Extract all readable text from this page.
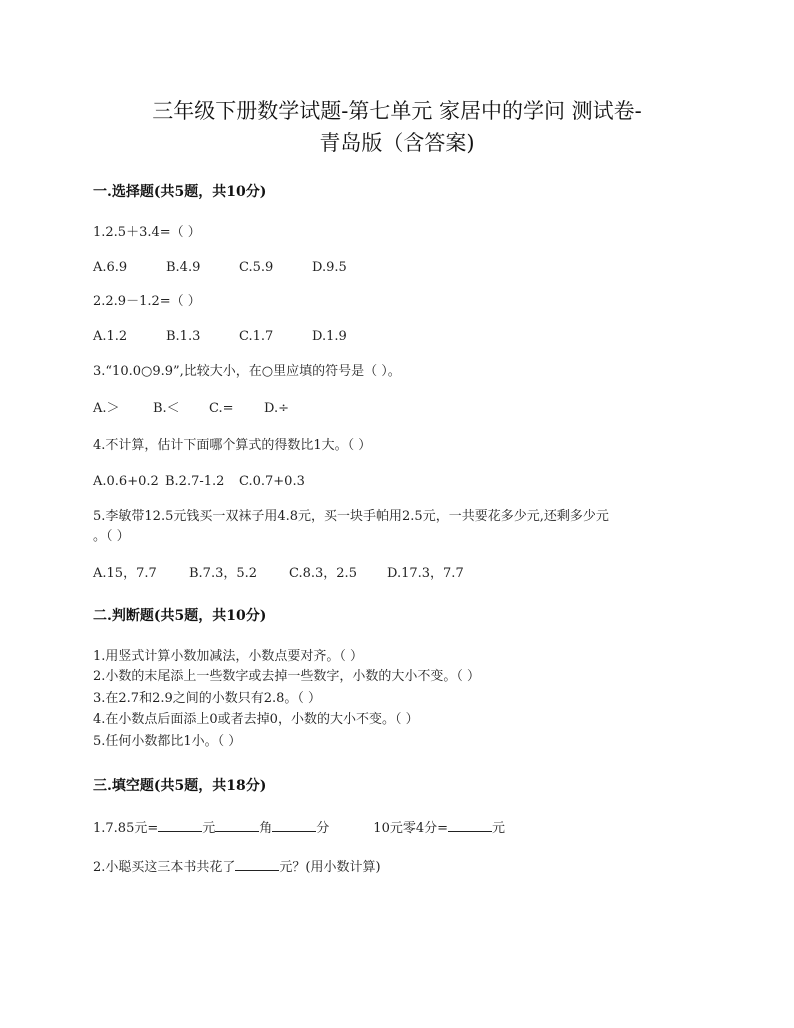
三年级下册数学试题-第七单元 家居中的学问 测试卷-
青岛版（含答案)
一.选择题(共5题，共10分)
1.2.5＋3.4=（ ）
A.6.9	B.4.9	C.5.9	D.9.5
2.2.9－1.2=（ ）
A.1.2	B.1.3	C.1.7	D.1.9
3.“10.0○9.9”,比较大小，在○里应填的符号是（ ）。
A.＞	B.＜ C.= D.÷
4.不计算，估计下面哪个算式的得数比1大。（ ）
A.0.6+0.2 B.2.7-1.2 C.0.7+0.3
5.李敏带12.5元钱买一双袜子用4.8元，买一块手帕用2.5元，一共要花多少元,还剩多少元
。（ ）
A.15，7.7 B.7.3，5.2 C.8.3，2.5 D.17.3，7.7
二.判断题(共5题，共10分)
1.用竖式计算小数加减法，小数点要对齐。（ ）
2.小数的末尾添上一些数字或去掉一些数字，小数的大小不变。（ ）
3.在2.7和2.9之间的小数只有2.8。（ ）
4.在小数点后面添上0或者去掉0，小数的大小不变。（ ）
5.任何小数都比1小。（ ）
三.填空题(共5题，共18分)
1.7.85元=	元	角	分	10元零4分=	元
2.小聪买这三本书共花了	元？(用小数计算)
